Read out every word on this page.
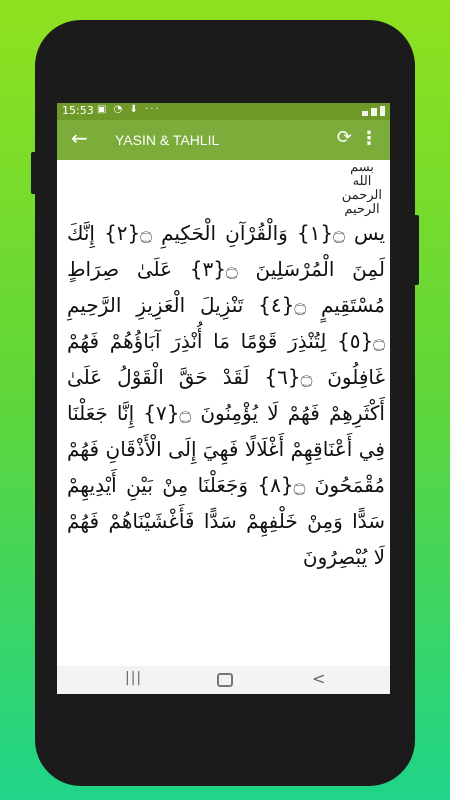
15:53 ▣ ◔ ⬇ ···
← YASIN & TAHLIL	⟳ ⋮
بسم الله الرحمن الرحيم

يس ۝{١} وَالْقُرْآنِ الْحَكِيمِ ۝{٢} إِنَّكَ لَمِنَ الْمُرْسَلِينَ ۝{٣} عَلَىٰ صِرَاطٍ مُسْتَقِيمٍ ۝{٤} تَنْزِيلَ الْعَزِيزِ الرَّحِيمِ ۝{٥} لِتُنْذِرَ قَوْمًا مَا أُنْذِرَ آبَاؤُهُمْ فَهُمْ غَافِلُونَ ۝{٦} لَقَدْ حَقَّ الْقَوْلُ عَلَىٰ أَكْثَرِهِمْ فَهُمْ لَا يُؤْمِنُونَ ۝{٧} إِنَّا جَعَلْنَا فِي أَعْنَاقِهِمْ أَغْلَالًا فَهِيَ إِلَى الْأَذْقَانِ فَهُمْ مُقْمَحُونَ ۝{٨} وَجَعَلْنَا مِنْ بَيْنِ أَيْدِيهِمْ سَدًّا وَمِنْ خَلْفِهِمْ سَدًّا فَأَغْشَيْنَاهُمْ فَهُمْ لَا يُبْصِرُونَ

|||	<
